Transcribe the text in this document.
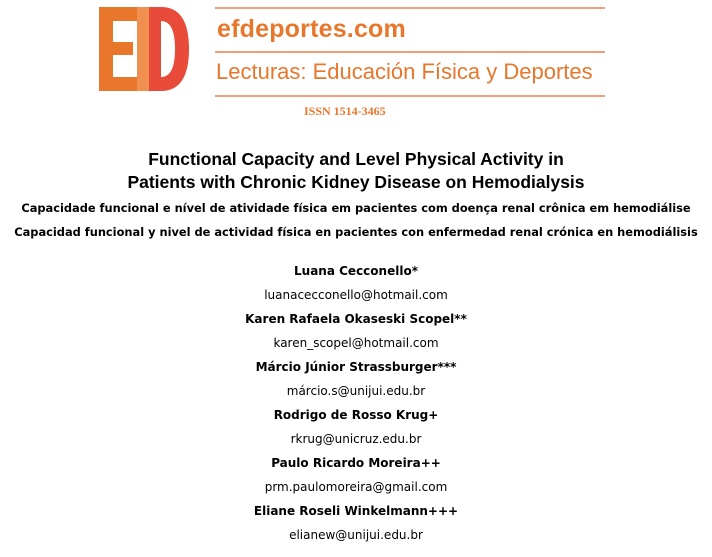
efdeportes.com
Lecturas: Educación Física y Deportes
ISSN 1514-3465
Functional Capacity and Level Physical Activity in
Patients with Chronic Kidney Disease on Hemodialysis
Capacidade funcional e nível de atividade física em pacientes com doença renal crônica em hemodiálise
Capacidad funcional y nivel de actividad física en pacientes con enfermedad renal crónica en hemodiálisis
Luana Cecconello*
luanacecconello@hotmail.com
Karen Rafaela Okaseski Scopel**
karen_scopel@hotmail.com
Márcio Júnior Strassburger***
márcio.s@unijui.edu.br
Rodrigo de Rosso Krug+
rkrug@unicruz.edu.br
Paulo Ricardo Moreira++
prm.paulomoreira@gmail.com
Eliane Roseli Winkelmann+++
elianew@unijui.edu.br
